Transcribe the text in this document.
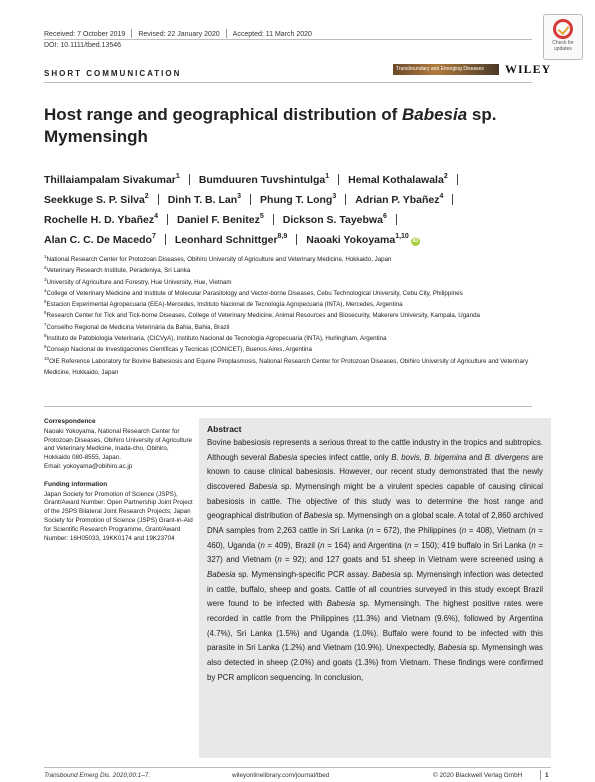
Received: 7 October 2019 Revised: 22 January 2020 Accepted: 11 March 2020
DOI: 10.1111/tbed.13546	Check for
updates
SHORT COMMUNICATION	Transboundary and Emerging Diseases	WILEY
Host range and geographical distribution of Babesia sp. Mymensingh
Thillaiampalam Sivakumar$^1$ Bumduuren Tuvshintulga$^1$ Hemal Kothalawala$^2$
Seekkuge S. P. Silva$^2$ Dinh T. B. Lan$^3$ Phung T. Long$^3$ Adrian P. Ybañez$^4$
Rochelle H. D. Ybañez$^4$ Daniel F. Benitez$^5$ Dickson S. Tayebwa$^6$
Alan C. C. De Macedo$^7$ Leonhard Schnittger$^{8,9}$ Naoaki Yokoyama$^{1,10}$iD
$^1$National Research Center for Protozoan Diseases, Obihiro University of Agriculture and Veterinary Medicine, Hokkaido, Japan
$^2$Veterinary Research Institute, Peradeniya, Sri Lanka
$^3$University of Agriculture and Forestry, Hue University, Hue, Vietnam
$^4$College of Veterinary Medicine and Institute of Molecular Parasitology and Vector-borne Diseases, Cebu Technological University, Cebu City, Philippines
$^5$Estacion Experimental Agropecuaria (EEA)-Mercedes, Instituto Nacional de Tecnología Agropecuaria (INTA), Mercedes, Argentina
$^6$Research Center for Tick and Tick-borne Diseases, College of Veterinary Medicine, Animal Resources and Biosecurity, Makerere University, Kampala, Uganda
$^7$Conselho Regional de Medicina Veterinária da Bahia, Bahia, Brazil
$^8$Instituto de Patobiologia Veterinaria, (CICVyA), Instituto Nacional de Tecnología Agropecuaria (INTA), Hurlingham, Argentina
$^9$Consejo Nacional de Investigaciones Cientificas y Tecnicas (CONICET), Buenos Aires, Argentina
$^{10}$OIE Reference Laboratory for Bovine Babesiosis and Equine Piroplasmosis, National Research Center for Protozoan Diseases, Obihiro University of Agriculture and Veterinary Medicine, Hokkaido, Japan
Correspondence

Naoaki Yokoyama, National Research Center for Protozoan Diseases, Obihiro University of Agriculture and Veterinary Medicine, Inada-cho, Obihiro, Hokkaido 080-8555, Japan.
Email: yokoyama@obihiro.ac.jp

Funding information

Japan Society for Promotion of Science (JSPS), Grant/Award Number: Open Partnership Joint Project of the JSPS Bilateral Joint Research Projects; Japan Society for Promotion of Science (JSPS) Grant-in-Aid for Scientific Research Programme, Grant/Award Number: 16H05033, 19KK0174 and 19K23704

Abstract

Bovine babesiosis represents a serious threat to the cattle industry in the tropics and subtropics. Although several Babesia species infect cattle, only B. bovis, B. bigemina and B. divergens are known to cause clinical babesiosis. However, our recent study demonstrated that the newly discovered Babesia sp. Mymensingh might be a virulent species capable of causing clinical babesiosis in cattle. The objective of this study was to determine the host range and geographical distribution of Babesia sp. Mymensingh on a global scale. A total of 2,860 archived DNA samples from 2,263 cattle in Sri Lanka (n = 672), the Philippines (n = 408), Vietnam (n = 460), Uganda (n = 409), Brazil (n = 164) and Argentina (n = 150); 419 buffalo in Sri Lanka (n = 327) and Vietnam (n = 92); and 127 goats and 51 sheep in Vietnam were screened using a Babesia sp. Mymensingh-specific PCR assay. Babesia sp. Mymensingh infection was detected in cattle, buffalo, sheep and goats. Cattle of all countries surveyed in this study except Brazil were found to be infected with Babesia sp. Mymensingh. The highest positive rates were recorded in cattle from the Philippines (11.3%) and Vietnam (9.6%), followed by Argentina (4.7%), Sri Lanka (1.5%) and Uganda (1.0%). Buffalo were found to be infected with this parasite in Sri Lanka (1.2%) and Vietnam (10.9%). Unexpectedly, Babesia sp. Mymensingh was also detected in sheep (2.0%) and goats (1.3%) from Vietnam. These findings were confirmed by PCR amplicon sequencing. In conclusion,

Transbound Emerg Dis. 2020;00:1–7.	wileyonlinelibrary.com/journal/tbed	© 2020 Blackwell Verlag GmbH	1
